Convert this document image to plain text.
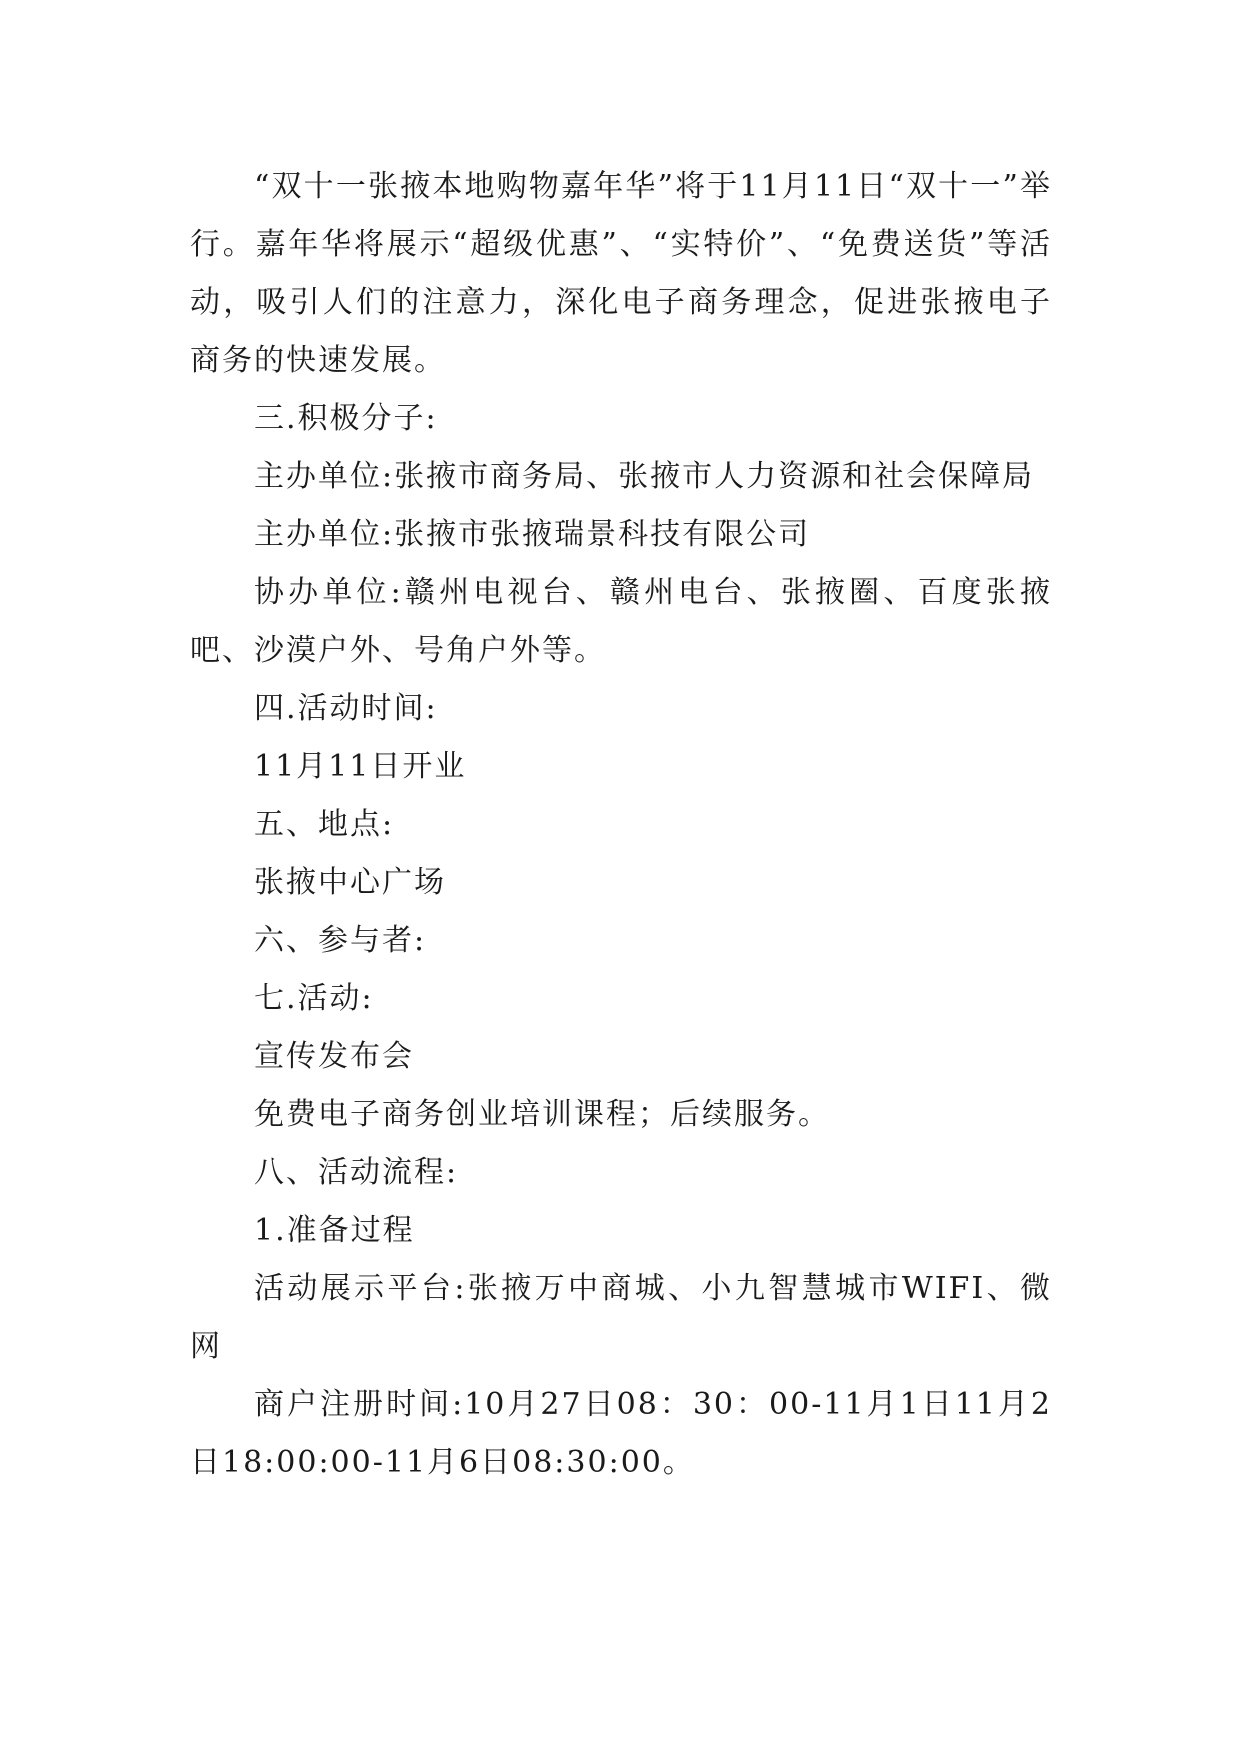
“双十一张掖本地购物嘉年华”将于11月11日“双十一”举行。嘉年华将展示“超级优惠”、“实特价”、“免费送货”等活动，吸引人们的注意力，深化电子商务理念，促进张掖电子商务的快速发展。

三.积极分子:

主办单位:张掖市商务局、张掖市人力资源和社会保障局

主办单位:张掖市张掖瑞景科技有限公司

协办单位:赣州电视台、赣州电台、张掖圈、百度张掖吧、沙漠户外、号角户外等。

四.活动时间:

11月11日开业

五、地点:

张掖中心广场

六、参与者:

七.活动:

宣传发布会

免费电子商务创业培训课程；后续服务。

八、活动流程:

1.准备过程

活动展示平台:张掖万中商城、小九智慧城市WIFI、微网

商户注册时间:10月27日08：30：00-11月1日11月2日18:00:00-11月6日08:30:00。
